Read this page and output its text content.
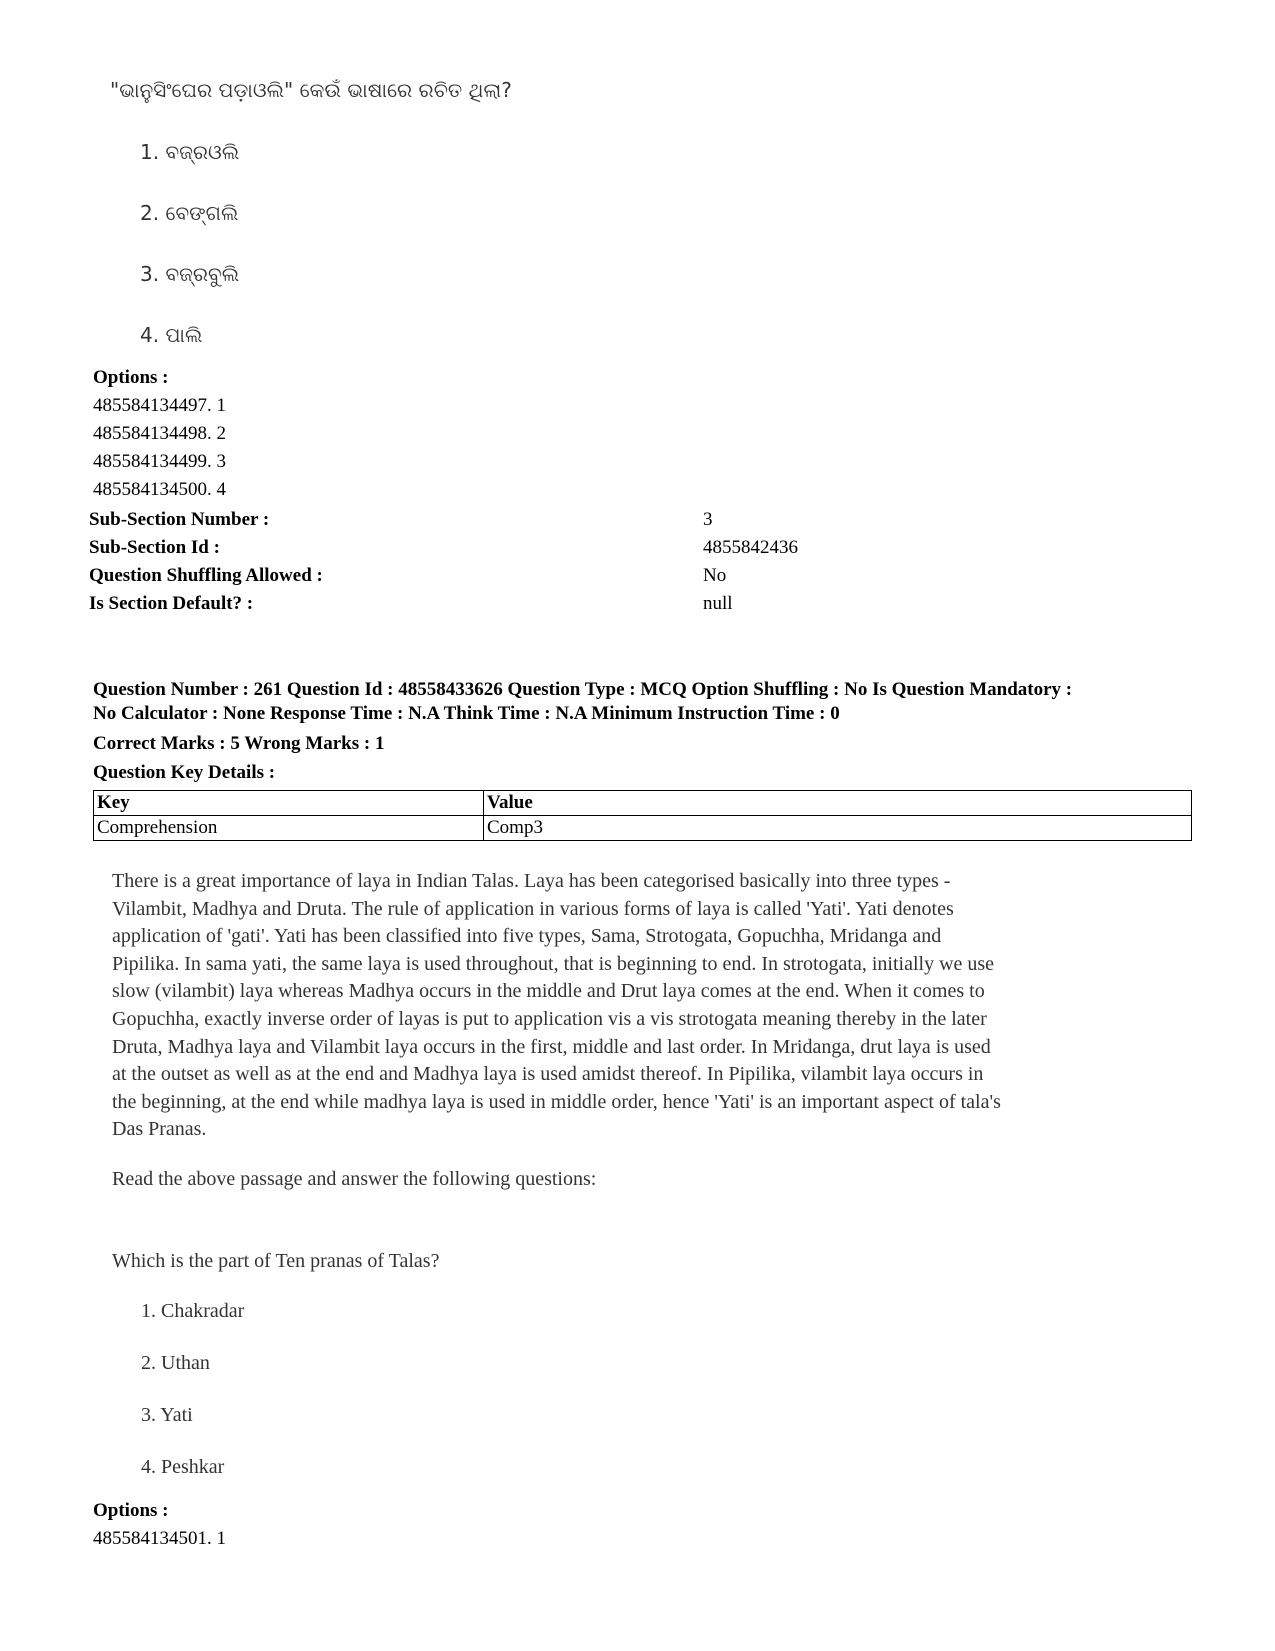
"ଭାନୁସିଂଘେର ପଡ଼ାଓଲି" କେଉଁ ଭାଷାରେ ରଚିତ ଥିଲା?
1. ବଜ୍ରଓଲି
2. ବେଙ୍ଗଲି
3. ବଜ୍ରବୁଲି
4. ପାଲି
Options :
485584134497. 1
485584134498. 2
485584134499. 3
485584134500. 4
Sub-Section Number :	3
Sub-Section Id :	4855842436
Question Shuffling Allowed :	No
Is Section Default? :	null
Question Number : 261 Question Id : 48558433626 Question Type : MCQ Option Shuffling : No Is Question Mandatory :
No Calculator : None Response Time : N.A Think Time : N.A Minimum Instruction Time : 0
Correct Marks : 5 Wrong Marks : 1
Question Key Details :
Key	Value
Comprehension	Comp3
There is a great importance of laya in Indian Talas. Laya has been categorised basically into three types -
Vilambit, Madhya and Druta. The rule of application in various forms of laya is called 'Yati'. Yati denotes
application of 'gati'. Yati has been classified into five types, Sama, Strotogata, Gopuchha, Mridanga and
Pipilika. In sama yati, the same laya is used throughout, that is beginning to end. In strotogata, initially we use
slow (vilambit) laya whereas Madhya occurs in the middle and Drut laya comes at the end. When it comes to
Gopuchha, exactly inverse order of layas is put to application vis a vis strotogata meaning thereby in the later
Druta, Madhya laya and Vilambit laya occurs in the first, middle and last order. In Mridanga, drut laya is used
at the outset as well as at the end and Madhya laya is used amidst thereof. In Pipilika, vilambit laya occurs in
the beginning, at the end while madhya laya is used in middle order, hence 'Yati' is an important aspect of tala's
Das Pranas.
Read the above passage and answer the following questions:
Which is the part of Ten pranas of Talas?
1. Chakradar
2. Uthan
3. Yati
4. Peshkar
Options :
485584134501. 1
